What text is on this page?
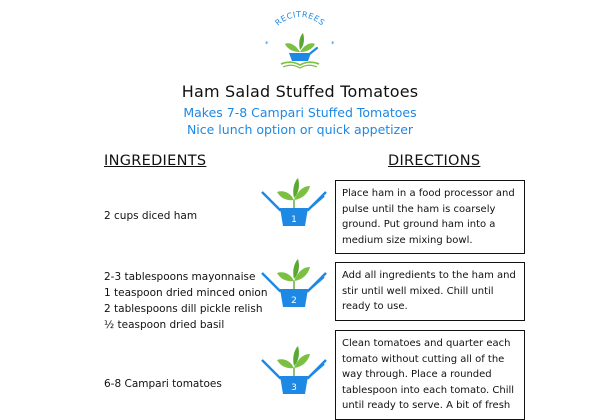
RECITREES
*	*
Ham Salad Stuffed Tomatoes
Makes 7-8 Campari Stuffed Tomatoes
Nice lunch option or quick appetizer
INGREDIENTS	DIRECTIONS
2 cups diced ham	1
Place ham in a food processor and
pulse until the ham is coarsely
ground. Put ground ham into a
medium size mixing bowl.
2-3 tablespoons mayonnaise
1 teaspoon dried minced onion
2 tablespoons dill pickle relish
½ teaspoon dried basil
2
Add all ingredients to the ham and
stir until well mixed. Chill until
ready to use.
6-8 Campari tomatoes	3
Clean tomatoes and quarter each
tomato without cutting all of the
way through. Place a rounded
tablespoon into each tomato. Chill
until ready to serve. A bit of fresh
